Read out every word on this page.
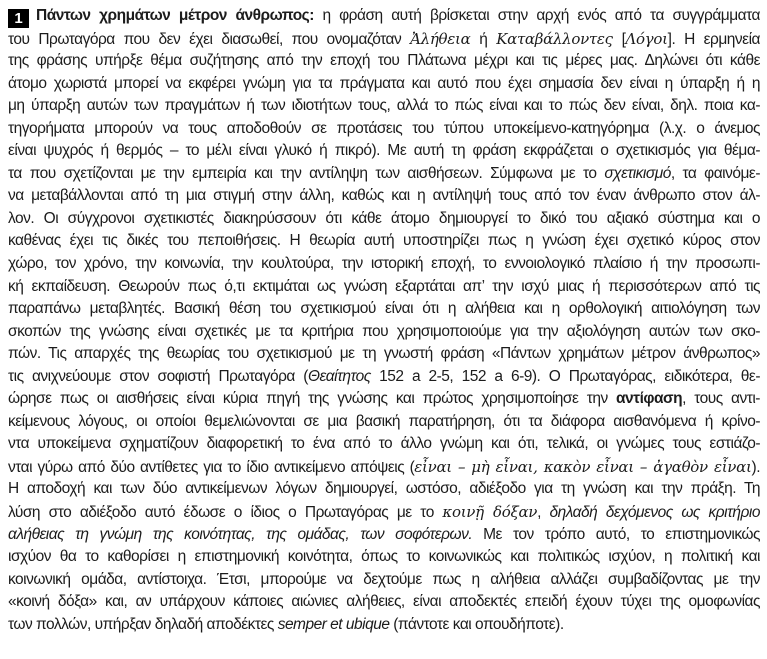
1 Πάντων χρημάτων μέτρον άνθρωπος: η φράση αυτή βρίσκεται στην αρχή ενός από τα συγγράμματα
του Πρωταγόρα που δεν έχει διασωθεί, που ονομαζόταν Ἀλήθεια ή Καταβάλλοντες [Λόγοι]. Η ερμηνεία
της φράσης υπήρξε θέμα συζήτησης από την εποχή του Πλάτωνα μέχρι και τις μέρες μας. Δηλώνει ότι κάθε
άτομο χωριστά μπορεί να εκφέρει γνώμη για τα πράγματα και αυτό που έχει σημασία δεν είναι η ύπαρξη ή η
μη ύπαρξη αυτών των πραγμάτων ή των ιδιοτήτων τους, αλλά το πώς είναι και το πώς δεν είναι, δηλ. ποια κα-
τηγορήματα μπορούν να τους αποδοθούν σε προτάσεις του τύπου υποκείμενο-κατηγόρημα (λ.χ. ο άνεμος
είναι ψυχρός ή θερμός – το μέλι είναι γλυκό ή πικρό). Με αυτή τη φράση εκφράζεται ο σχετικισμός για θέμα-
τα που σχετίζονται με την εμπειρία και την αντίληψη των αισθήσεων. Σύμφωνα με το σχετικισμό, τα φαινόμε-
να μεταβάλλονται από τη μια στιγμή στην άλλη, καθώς και η αντίληψή τους από τον έναν άνθρωπο στον άλ-
λον. Οι σύγχρονοι σχετικιστές διακηρύσσουν ότι κάθε άτομο δημιουργεί το δικό του αξιακό σύστημα και ο
καθένας έχει τις δικές του πεποιθήσεις. Η θεωρία αυτή υποστηρίζει πως η γνώση έχει σχετικό κύρος στον
χώρο, τον χρόνο, την κοινωνία, την κουλτούρα, την ιστορική εποχή, το εννοιολογικό πλαίσιο ή την προσωπι-
κή εκπαίδευση. Θεωρούν πως ό,τι εκτιμάται ως γνώση εξαρτάται απ’ την ισχύ μιας ή περισσότερων από τις
παραπάνω μεταβλητές. Βασική θέση του σχετικισμού είναι ότι η αλήθεια και η ορθολογική αιτιολόγηση των
σκοπών της γνώσης είναι σχετικές με τα κριτήρια που χρησιμοποιούμε για την αξιολόγηση αυτών των σκο-
πών. Τις απαρχές της θεωρίας του σχετικισμού με τη γνωστή φράση «Πάντων χρημάτων μέτρον άνθρωπος»
τις ανιχνεύουμε στον σοφιστή Πρωταγόρα (Θεαίτητος 152 a 2-5, 152 a 6-9). Ο Πρωταγόρας, ειδικότερα, θε-
ώρησε πως οι αισθήσεις είναι κύρια πηγή της γνώσης και πρώτος χρησιμοποίησε την αντίφαση, τους αντι-
κείμενους λόγους, οι οποίοι θεμελιώνονται σε μια βασική παρατήρηση, ότι τα διάφορα αισθανόμενα ή κρίνο-
ντα υποκείμενα σχηματίζουν διαφορετική το ένα από το άλλο γνώμη και ότι, τελικά, οι γνώμες τους εστιάζο-
νται γύρω από δύο αντίθετες για το ίδιο αντικείμενο απόψεις (εἶναι – μὴ εἶναι, κακὸν εἶναι – ἀγαθὸν εἶναι).
Η αποδοχή και των δύο αντικείμενων λόγων δημιουργεί, ωστόσο, αδιέξοδο για τη γνώση και την πράξη. Τη
λύση στο αδιέξοδο αυτό έδωσε ο ίδιος ο Πρωταγόρας με το κοινῇ δόξαν, δηλαδή δεχόμενος ως κριτήριο
αλήθειας τη γνώμη της κοινότητας, της ομάδας, των σοφότερων. Με τον τρόπο αυτό, το επιστημονικώς
ισχύον θα το καθορίσει η επιστημονική κοινότητα, όπως το κοινωνικώς και πολιτικώς ισχύον, η πολιτική και
κοινωνική ομάδα, αντίστοιχα. Έτσι, μπορούμε να δεχτούμε πως η αλήθεια αλλάζει συμβαδίζοντας με την
«κοινή δόξα» και, αν υπάρχουν κάποιες αιώνιες αλήθειες, είναι αποδεκτές επειδή έχουν τύχει της ομοφωνίας
των πολλών, υπήρξαν δηλαδή αποδέκτες semper et ubique (πάντοτε και οπουδήποτε).
